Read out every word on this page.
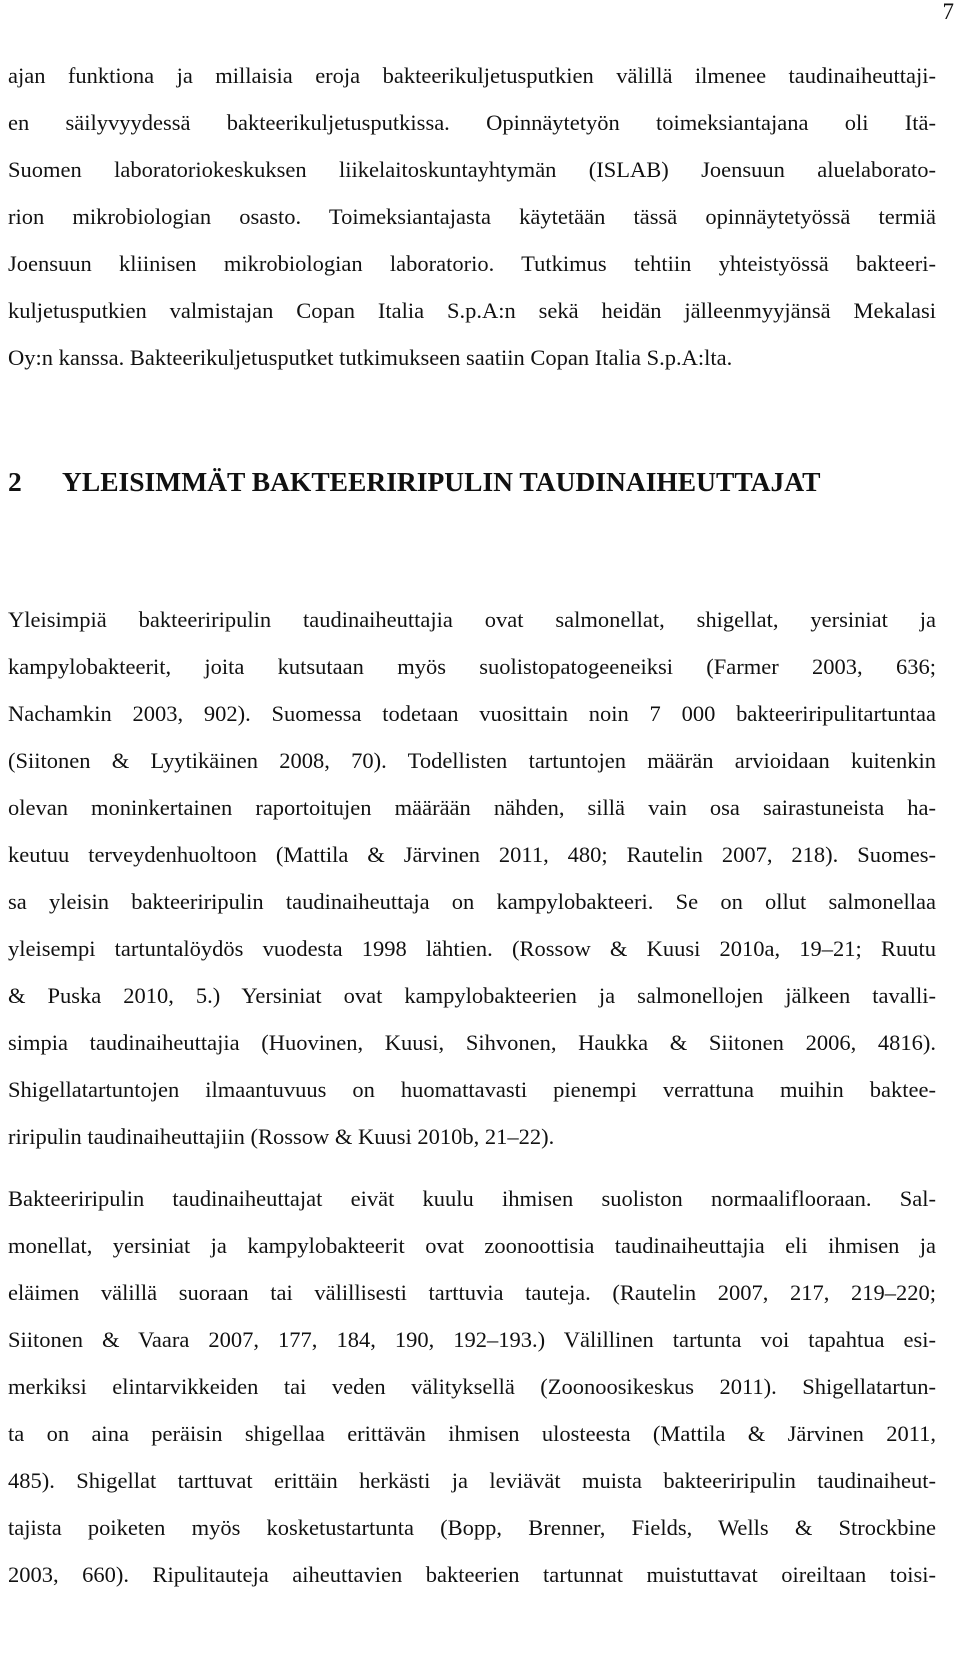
7
ajan funktiona ja millaisia eroja bakteerikuljetusputkien välillä ilmenee taudinaiheuttaji-
en säilyvyydessä bakteerikuljetusputkissa. Opinnäytetyön toimeksiantajana oli Itä-
Suomen laboratoriokeskuksen liikelaitoskuntayhtymän (ISLAB) Joensuun aluelaborato-
rion mikrobiologian osasto. Toimeksiantajasta käytetään tässä opinnäytetyössä termiä
Joensuun kliinisen mikrobiologian laboratorio. Tutkimus tehtiin yhteistyössä bakteeri-
kuljetusputkien valmistajan Copan Italia S.p.A:n sekä heidän jälleenmyyjänsä Mekalasi
Oy:n kanssa. Bakteerikuljetusputket tutkimukseen saatiin Copan Italia S.p.A:lta.
2 YLEISIMMÄT BAKTEERIRIPULIN TAUDINAIHEUTTAJAT
Yleisimpiä bakteeriripulin taudinaiheuttajia ovat salmonellat, shigellat, yersiniat ja
kampylobakteerit, joita kutsutaan myös suolistopatogeeneiksi (Farmer 2003, 636;
Nachamkin 2003, 902). Suomessa todetaan vuosittain noin 7 000 bakteeriripulitartuntaa
(Siitonen & Lyytikäinen 2008, 70). Todellisten tartuntojen määrän arvioidaan kuitenkin
olevan moninkertainen raportoitujen määrään nähden, sillä vain osa sairastuneista ha-
keutuu terveydenhuoltoon (Mattila & Järvinen 2011, 480; Rautelin 2007, 218). Suomes-
sa yleisin bakteeriripulin taudinaiheuttaja on kampylobakteeri. Se on ollut salmonellaa
yleisempi tartuntalöydös vuodesta 1998 lähtien. (Rossow & Kuusi 2010a, 19–21; Ruutu
& Puska 2010, 5.) Yersiniat ovat kampylobakteerien ja salmonellojen jälkeen tavalli-
simpia taudinaiheuttajia (Huovinen, Kuusi, Sihvonen, Haukka & Siitonen 2006, 4816).
Shigellatartuntojen ilmaantuvuus on huomattavasti pienempi verrattuna muihin baktee-
riripulin taudinaiheuttajiin (Rossow & Kuusi 2010b, 21–22).
Bakteeriripulin taudinaiheuttajat eivät kuulu ihmisen suoliston normaaliflooraan. Sal-
monellat, yersiniat ja kampylobakteerit ovat zoonoottisia taudinaiheuttajia eli ihmisen ja
eläimen välillä suoraan tai välillisesti tarttuvia tauteja. (Rautelin 2007, 217, 219–220;
Siitonen & Vaara 2007, 177, 184, 190, 192–193.) Välillinen tartunta voi tapahtua esi-
merkiksi elintarvikkeiden tai veden välityksellä (Zoonoosikeskus 2011). Shigellatartun-
ta on aina peräisin shigellaa erittävän ihmisen ulosteesta (Mattila & Järvinen 2011,
485). Shigellat tarttuvat erittäin herkästi ja leviävät muista bakteeriripulin taudinaiheut-
tajista poiketen myös kosketustartunta (Bopp, Brenner, Fields, Wells & Strockbine
2003, 660). Ripulitauteja aiheuttavien bakteerien tartunnat muistuttavat oireiltaan toisi-
